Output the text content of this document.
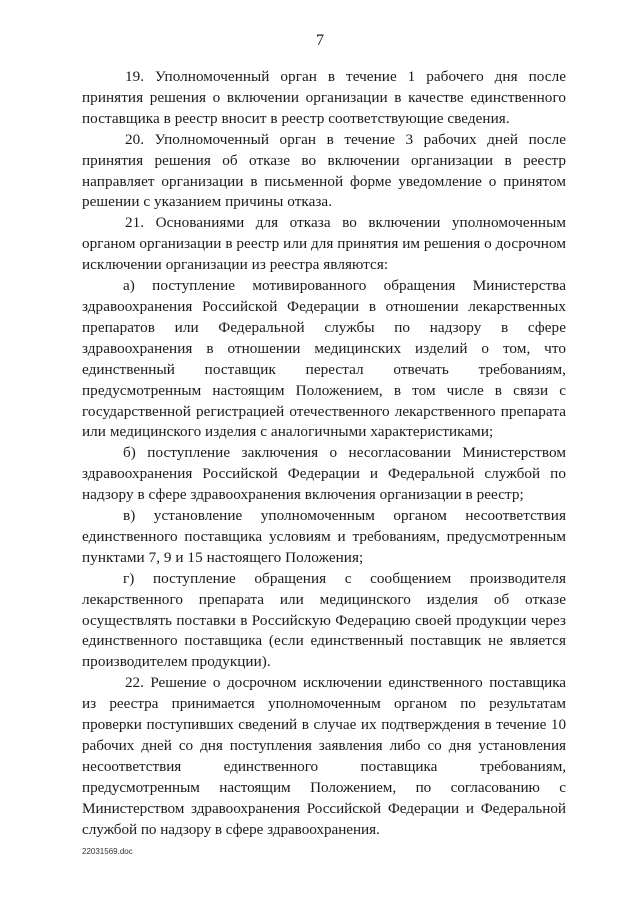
7

19. Уполномоченный орган в течение 1 рабочего дня после принятия решения о включении организации в качестве единственного поставщика в реестр вносит в реестр соответствующие сведения.

20. Уполномоченный орган в течение 3 рабочих дней после принятия решения об отказе во включении организации в реестр направляет организации в письменной форме уведомление о принятом решении с указанием причины отказа.

21. Основаниями для отказа во включении уполномоченным органом организации в реестр или для принятия им решения о досрочном исключении организации из реестра являются:

а) поступление мотивированного обращения Министерства здравоохранения Российской Федерации в отношении лекарственных препаратов или Федеральной службы по надзору в сфере здравоохранения в отношении медицинских изделий о том, что единственный поставщик перестал отвечать требованиям, предусмотренным настоящим Положением, в том числе в связи с государственной регистрацией отечественного лекарственного препарата или медицинского изделия с аналогичными характеристиками;

б) поступление заключения о несогласовании Министерством здравоохранения Российской Федерации и Федеральной службой по надзору в сфере здравоохранения включения организации в реестр;

в) установление уполномоченным органом несоответствия единственного поставщика условиям и требованиям, предусмотренным пунктами 7, 9 и 15 настоящего Положения;

г) поступление обращения с сообщением производителя лекарственного препарата или медицинского изделия об отказе осуществлять поставки в Российскую Федерацию своей продукции через единственного поставщика (если единственный поставщик не является производителем продукции).

22. Решение о досрочном исключении единственного поставщика из реестра принимается уполномоченным органом по результатам проверки поступивших сведений в случае их подтверждения в течение 10 рабочих дней со дня поступления заявления либо со дня установления несоответствия единственного поставщика требованиям, предусмотренным настоящим Положением, по согласованию с Министерством здравоохранения Российской Федерации и Федеральной службой по надзору в сфере здравоохранения.

22031569.doc
